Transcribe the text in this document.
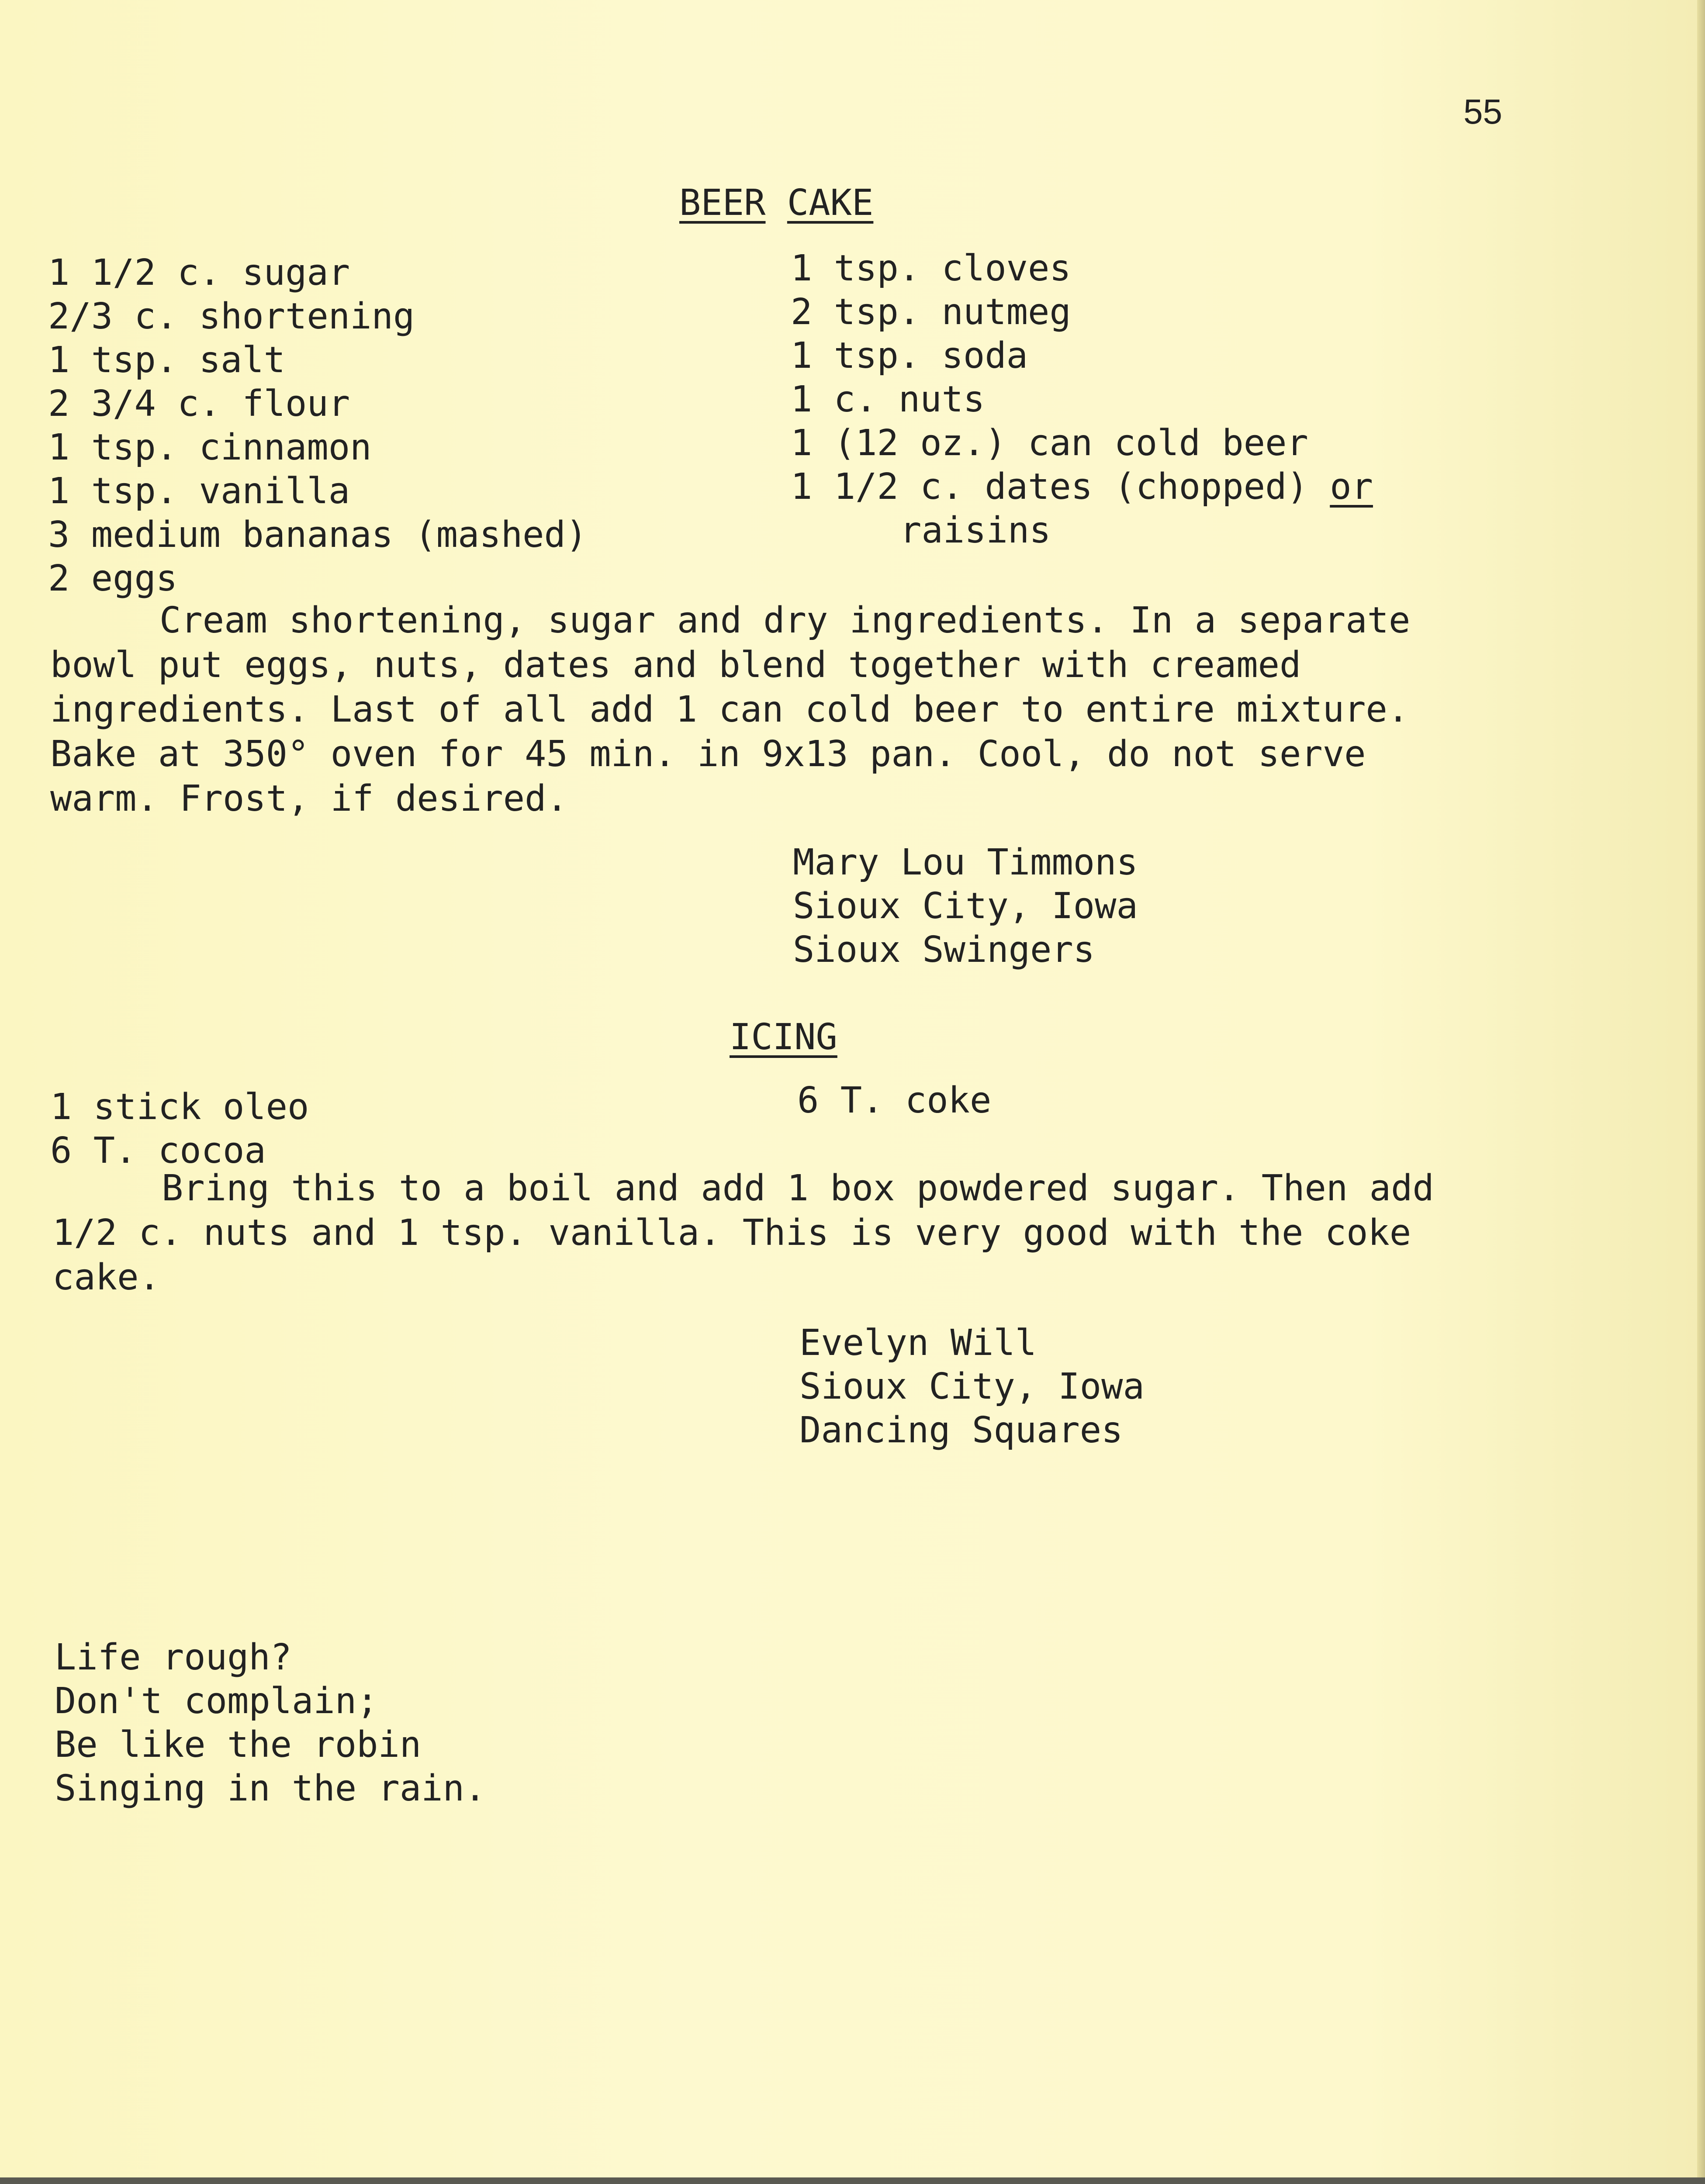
55
BEER CAKE
1 1/2 c. sugar
2/3 c. shortening
1 tsp. salt
2 3/4 c. flour
1 tsp. cinnamon
1 tsp. vanilla
3 medium bananas (mashed)
2 eggs
1 tsp. cloves
2 tsp. nutmeg
1 tsp. soda
1 c. nuts
1 (12 oz.) can cold beer
1 1/2 c. dates (chopped) or
raisins
Cream shortening, sugar and dry ingredients. In a separate bowl put eggs, nuts, dates and blend together with creamed ingredients. Last of all add 1 can cold beer to entire mixture. Bake at 350° oven for 45 min. in 9x13 pan. Cool, do not serve warm. Frost, if desired.
Mary Lou Timmons
Sioux City, Iowa
Sioux Swingers
ICING
1 stick oleo
6 T. cocoa
6 T. coke
Bring this to a boil and add 1 box powdered sugar. Then add 1/2 c. nuts and 1 tsp. vanilla. This is very good with the coke cake.
Evelyn Will
Sioux City, Iowa
Dancing Squares
Life rough?
Don't complain;
Be like the robin
Singing in the rain.
